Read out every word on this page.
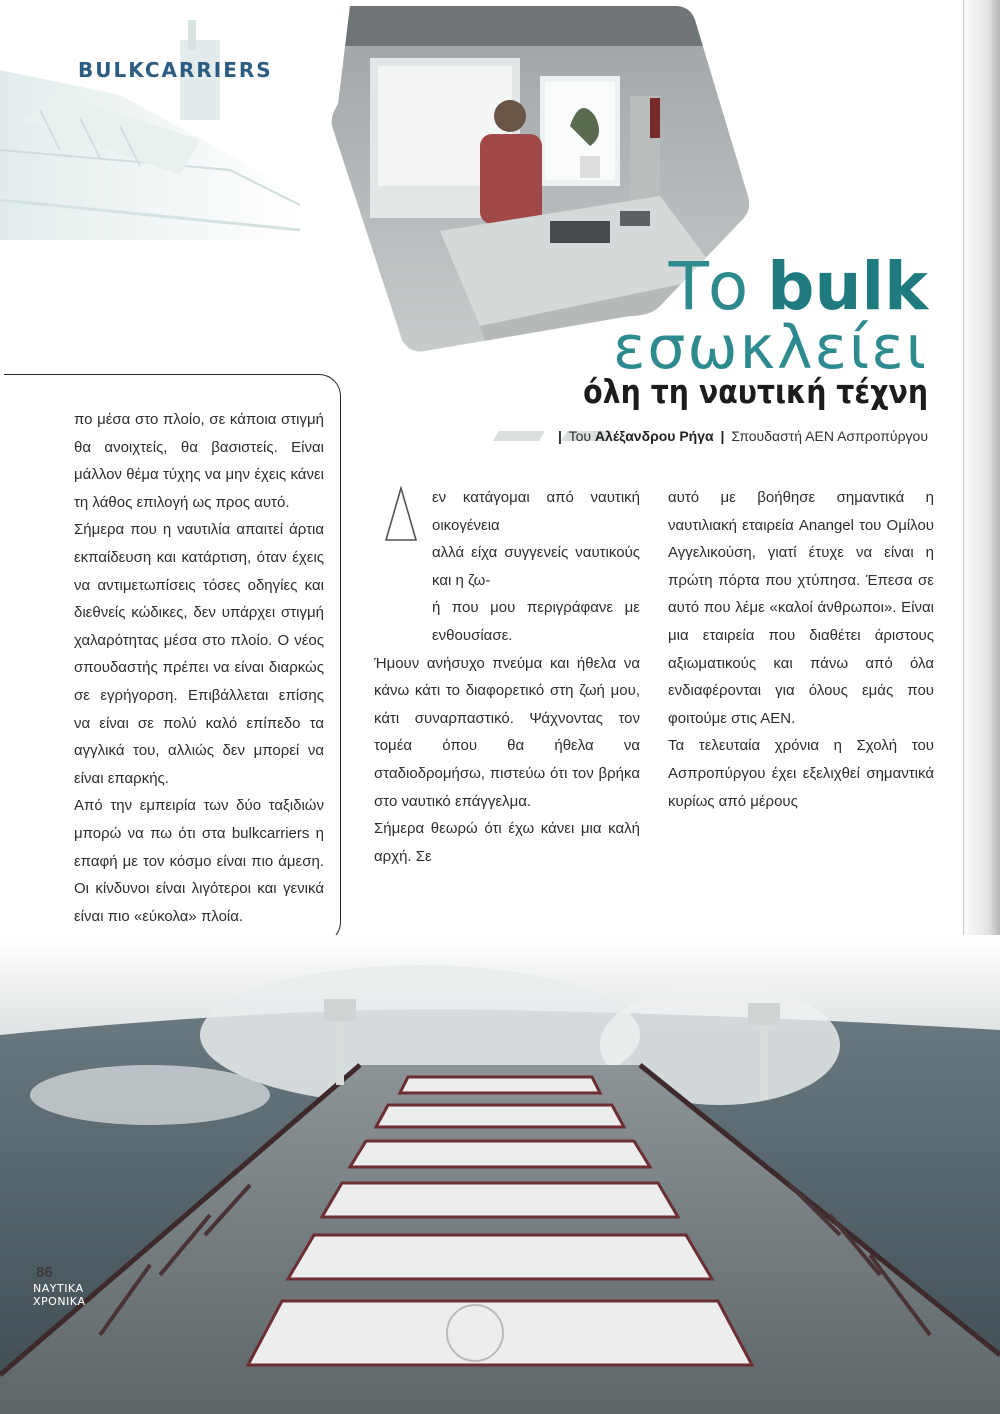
BULKCARRIERS
Το bulk
εσωκλείει
όλη τη ναυτική τέχνη
| Του Αλέξανδρου Ρήγα | Σπουδαστή ΑΕΝ Ασπροπύργου

πο μέσα στο πλοίο, σε κάποια στιγμή θα ανοιχτείς, θα βασιστείς. Είναι μάλλον θέμα τύχης να μην έχεις κάνει τη λάθος επιλογή ως προς αυτό.

Σήμερα που η ναυτιλία απαιτεί άρτια εκπαίδευση και κατάρτιση, όταν έχεις να αντιμετωπίσεις τόσες οδηγίες και διεθνείς κώδικες, δεν υπάρχει στιγμή χαλαρότητας μέσα στο πλοίο. Ο νέος σπουδαστής πρέπει να είναι διαρκώς σε εγρήγορση. Επιβάλλεται επίσης να είναι σε πολύ καλό επίπεδο τα αγγλικά του, αλλιώς δεν μπορεί να είναι επαρκής.

Από την εμπειρία των δύο ταξιδιών μπορώ να πω ότι στα bulkcarriers η επαφή με τον κόσμο είναι πιο άμεση. Οι κίνδυνοι είναι λιγότεροι και γενικά είναι πιο «εύκολα» πλοία.

εν κατάγομαι από ναυτική οικογένεια
αλλά είχα συγγενείς ναυτικούς και η ζω-
ή που μου περιγράφανε με ενθουσίασε.

Ήμουν ανήσυχο πνεύμα και ήθελα να κάνω κάτι το διαφορετικό στη ζωή μου, κάτι συναρπαστικό. Ψάχνοντας τον τομέα όπου θα ήθελα να σταδιοδρομήσω, πιστεύω ότι τον βρήκα στο ναυτικό επάγγελμα.

Σήμερα θεωρώ ότι έχω κάνει μια καλή αρχή. Σε

αυτό με βοήθησε σημαντικά η ναυτιλιακή εταιρεία Anangel του Ομίλου Αγγελικούση, γιατί έτυχε να είναι η πρώτη πόρτα που χτύπησα. Έπεσα σε αυτό που λέμε «καλοί άνθρωποι». Είναι μια εταιρεία που διαθέτει άριστους αξιωματικούς και πάνω από όλα ενδιαφέρονται για όλους εμάς που φοιτούμε στις ΑΕΝ.

Τα τελευταία χρόνια η Σχολή του Ασπροπύργου έχει εξελιχθεί σημαντικά κυρίως από μέρους

86
ΝΑΥΤΙΚΑ
ΧΡΟΝΙΚΑ
